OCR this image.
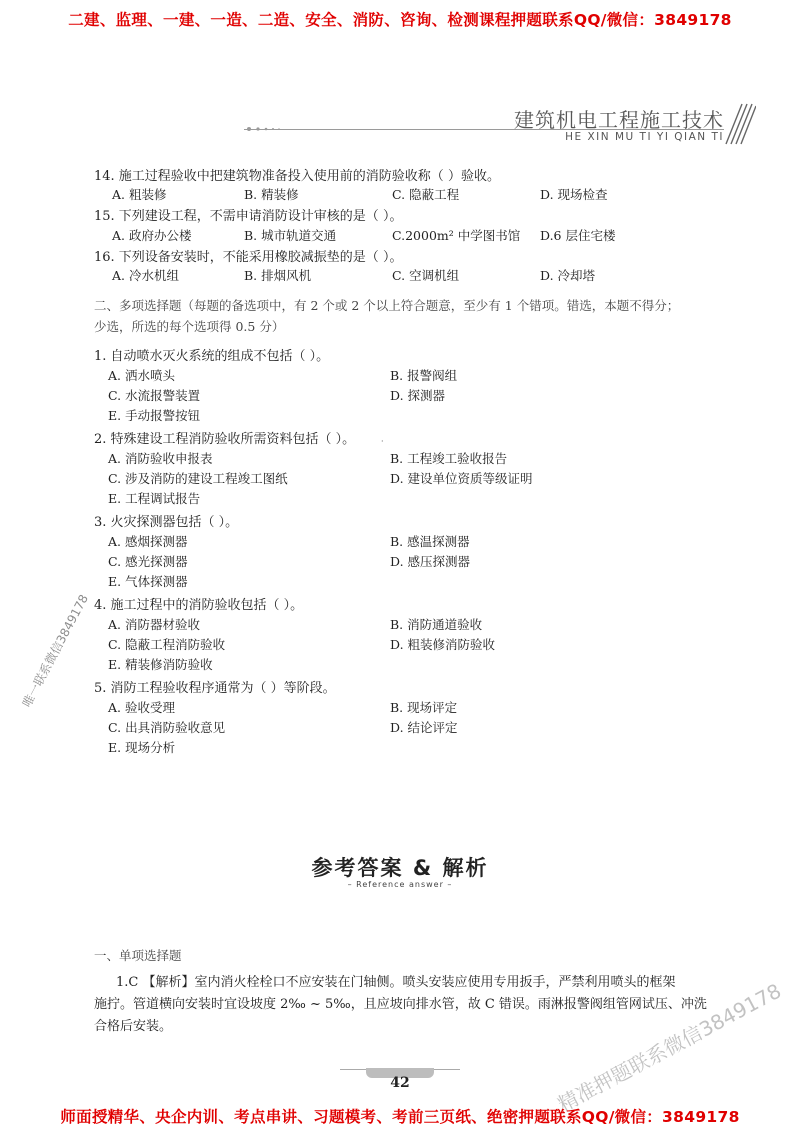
二建、监理、一建、一造、二造、安全、消防、咨询、检测课程押题联系QQ/微信：3849178
建筑机电工程施工技术
HE XIN MU TI YI QIAN TI
14. 施工过程验收中把建筑物准备投入使用前的消防验收称（ ）验收。
A. 粗装修	B. 精装修	C. 隐蔽工程	D. 现场检查
15. 下列建设工程，不需申请消防设计审核的是（ ）。
A. 政府办公楼	B. 城市轨道交通	C.2000m² 中学图书馆 D.6 层住宅楼
16. 下列设备安装时，不能采用橡胶减振垫的是（ ）。
A. 冷水机组	B. 排烟风机	C. 空调机组	D. 冷却塔
二、多项选择题（每题的备选项中，有 2 个或 2 个以上符合题意，至少有 1 个错项。错选，本题不得分；
少选，所选的每个选项得 0.5 分）
1. 自动喷水灭火系统的组成不包括（ ）。
A. 洒水喷头	B. 报警阀组
C. 水流报警装置	D. 探测器
E. 手动报警按钮
2. 特殊建设工程消防验收所需资料包括（ ）。	·
A. 消防验收申报表	B. 工程竣工验收报告
C. 涉及消防的建设工程竣工图纸	D. 建设单位资质等级证明
E. 工程调试报告
3. 火灾探测器包括（ ）。
A. 感烟探测器	B. 感温探测器
C. 感光探测器	D. 感压探测器
E. 气体探测器
4. 施工过程中的消防验收包括（ ）。
A. 消防器材验收	B. 消防通道验收
C. 隐蔽工程消防验收	D. 粗装修消防验收
E. 精装修消防验收
5. 消防工程验收程序通常为（ ）等阶段。
A. 验收受理	B. 现场评定
C. 出具消防验收意见	D. 结论评定
E. 现场分析
唯一联系微信3849178
参考答案 & 解析
– Reference answer –
一、单项选择题
1.C 【解析】室内消火栓栓口不应安装在门轴侧。喷头安装应使用专用扳手，严禁利用喷头的框架
施拧。管道横向安装时宜设坡度 2‰ ~ 5‰，且应坡向排水管，故 C 错误。雨淋报警阀组管网试压、冲洗
合格后安装。	精准押题联系微信3849178
42
师面授精华、央企内训、考点串讲、习题模考、考前三页纸、绝密押题联系QQ/微信：3849178
